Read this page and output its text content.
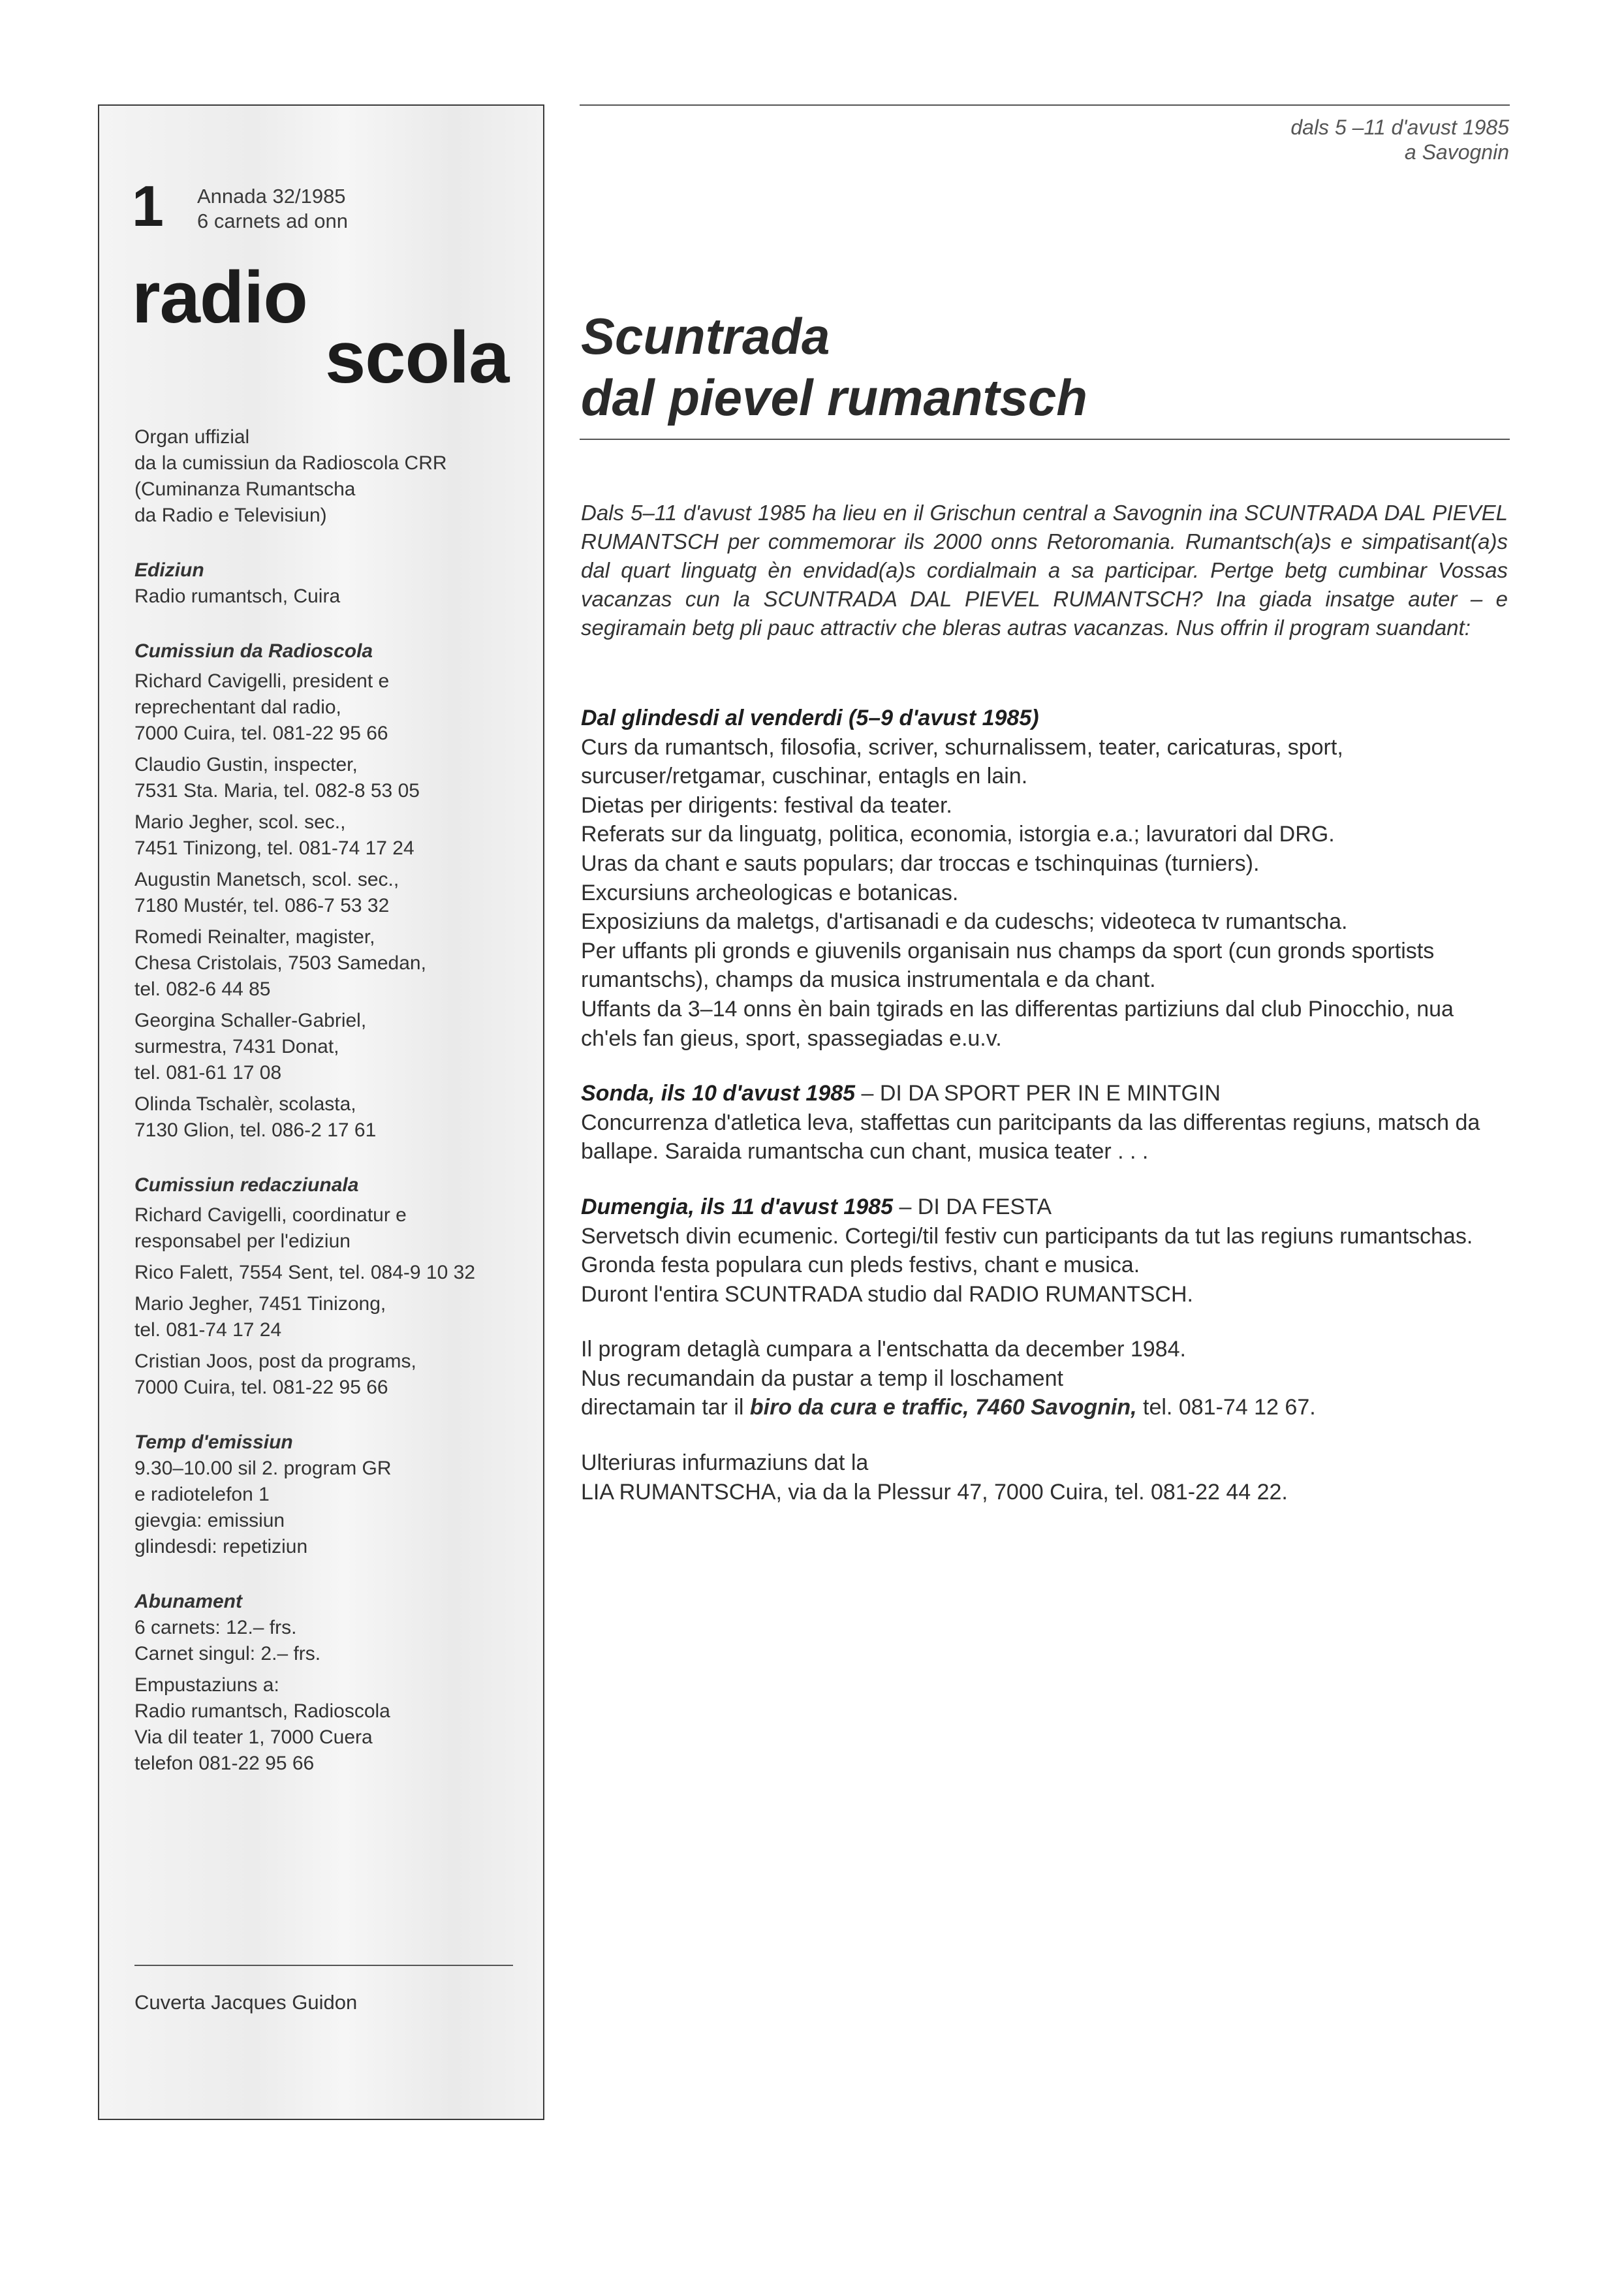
1 Annada 32/1985
6 carnets ad onn
radio
scola

Organ uffizial
da la cumissiun da Radioscola CRR
(Cuminanza Rumantscha
da Radio e Televisiun)

Ediziun

Radio rumantsch, Cuira

Cumissiun da Radioscola

Richard Cavigelli, president e
reprechentant dal radio,
7000 Cuira, tel. 081-22 95 66

Claudio Gustin, inspecter,
7531 Sta. Maria, tel. 082-8 53 05

Mario Jegher, scol. sec.,
7451 Tinizong, tel. 081-74 17 24

Augustin Manetsch, scol. sec.,
7180 Mustér, tel. 086-7 53 32

Romedi Reinalter, magister,
Chesa Cristolais, 7503 Samedan,
tel. 082-6 44 85

Georgina Schaller-Gabriel,
surmestra, 7431 Donat,
tel. 081-61 17 08

Olinda Tschalèr, scolasta,
7130 Glion, tel. 086-2 17 61

Cumissiun redacziunala

Richard Cavigelli, coordinatur e
responsabel per l'ediziun

Rico Falett, 7554 Sent, tel. 084-9 10 32

Mario Jegher, 7451 Tinizong,
tel. 081-74 17 24

Cristian Joos, post da programs,
7000 Cuira, tel. 081-22 95 66

Temp d'emissiun

9.30–10.00 sil 2. program GR
e radiotelefon 1
gievgia: emissiun
glindesdi: repetiziun

Abunament

6 carnets: 12.– frs.
Carnet singul: 2.– frs.

Empustaziuns a:
Radio rumantsch, Radioscola
Via dil teater 1, 7000 Cuera
telefon 081-22 95 66

Cuverta Jacques Guidon
dals 5 –11 d'avust 1985
a Savognin
Scuntrada
dal pievel rumantsch
Dals 5–11 d'avust 1985 ha lieu en il Grischun central a Savognin ina SCUNTRADA DAL PIEVEL RUMANTSCH per commemorar ils 2000 onns Retoromania. Rumantsch(a)s e simpatisant(a)s dal quart linguatg èn envidad(a)s cordialmain a sa participar. Pertge betg cumbinar Vossas vacanzas cun la SCUNTRADA DAL PIEVEL RUMANTSCH? Ina giada insatge auter – e segiramain betg pli pauc attractiv che bleras autras vacanzas. Nus offrin il program suandant:
Dal glindesdi al venderdi (5–9 d'avust 1985)
Curs da rumantsch, filosofia, scriver, schurnalissem, teater, caricaturas, sport, surcuser/retgamar, cuschinar, entagls en lain.
Dietas per dirigents: festival da teater.
Referats sur da linguatg, politica, economia, istorgia e.a.; lavuratori dal DRG.
Uras da chant e sauts populars; dar troccas e tschinquinas (turniers).
Excursiuns archeologicas e botanicas.
Exposiziuns da maletgs, d'artisanadi e da cudeschs; videoteca tv rumantscha.
Per uffants pli gronds e giuvenils organisain nus champs da sport (cun gronds sportists rumantschs), champs da musica instrumentala e da chant.
Uffants da 3–14 onns èn bain tgirads en las differentas partiziuns dal club Pinocchio, nua ch'els fan gieus, sport, spassegiadas e.u.v.
Sonda, ils 10 d'avust 1985 – DI DA SPORT PER IN E MINTGIN
Concurrenza d'atletica leva, staffettas cun paritcipants da las differentas regiuns, matsch da ballape. Saraida rumantscha cun chant, musica teater . . .
Dumengia, ils 11 d'avust 1985 – DI DA FESTA
Servetsch divin ecumenic. Cortegi/til festiv cun participants da tut las regiuns rumantschas. Gronda festa populara cun pleds festivs, chant e musica.
Duront l'entira SCUNTRADA studio dal RADIO RUMANTSCH.
Il program detaglà cumpara a l'entschatta da december 1984.
Nus recumandain da pustar a temp il loschament
directamain tar il biro da cura e traffic, 7460 Savognin, tel. 081-74 12 67.
Ulteriuras infurmaziuns dat la
LIA RUMANTSCHA, via da la Plessur 47, 7000 Cuira, tel. 081-22 44 22.
